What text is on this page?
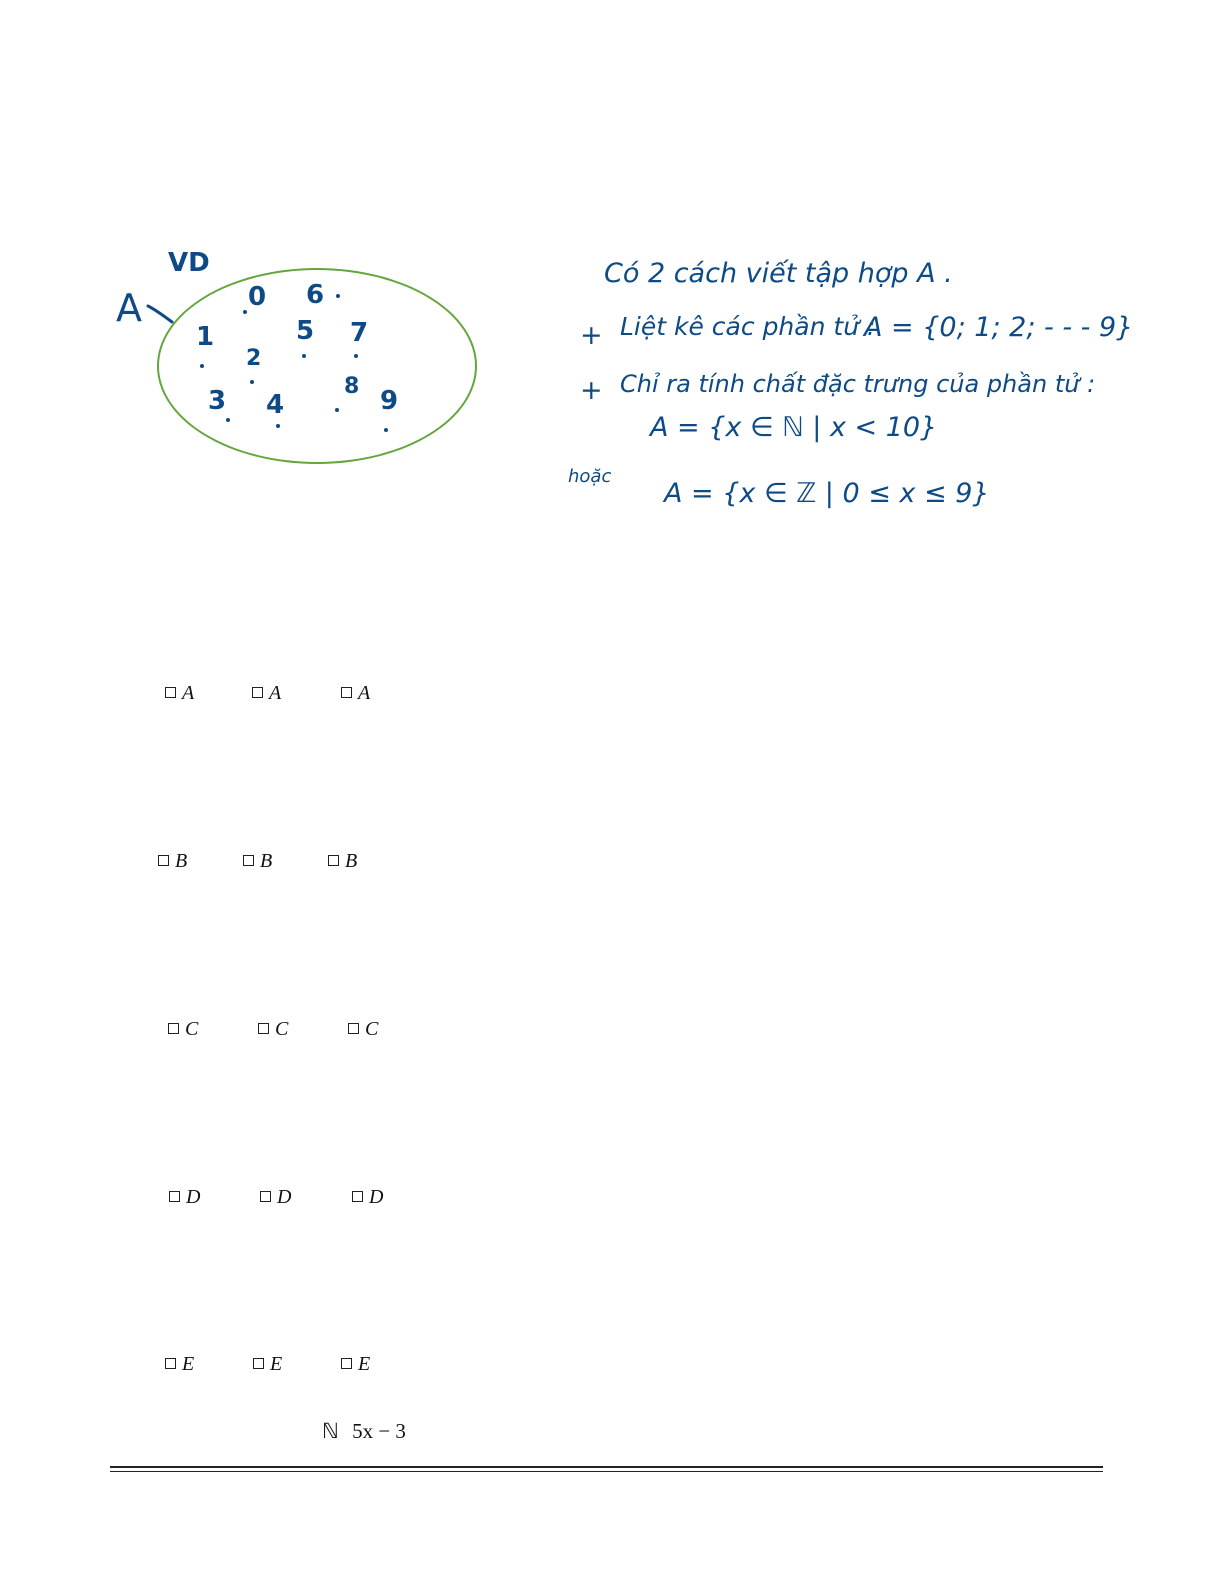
VD
A	0 6
1	5 7
2
8
3 4	9
Có 2 cách viết tập hợp A .
+ Liệt kê các phần tử :
A = {0; 1; 2; - - - 9}
+ Chỉ ra tính chất đặc trưng của phần tử :
A = {x ∈ ℕ | x < 10}
hoặc
A = {x ∈ ℤ | 0 ≤ x ≤ 9}
A	A	A
B	B	B
C	C	C
D	D	D
E	E	E
ℕ 5x − 3
